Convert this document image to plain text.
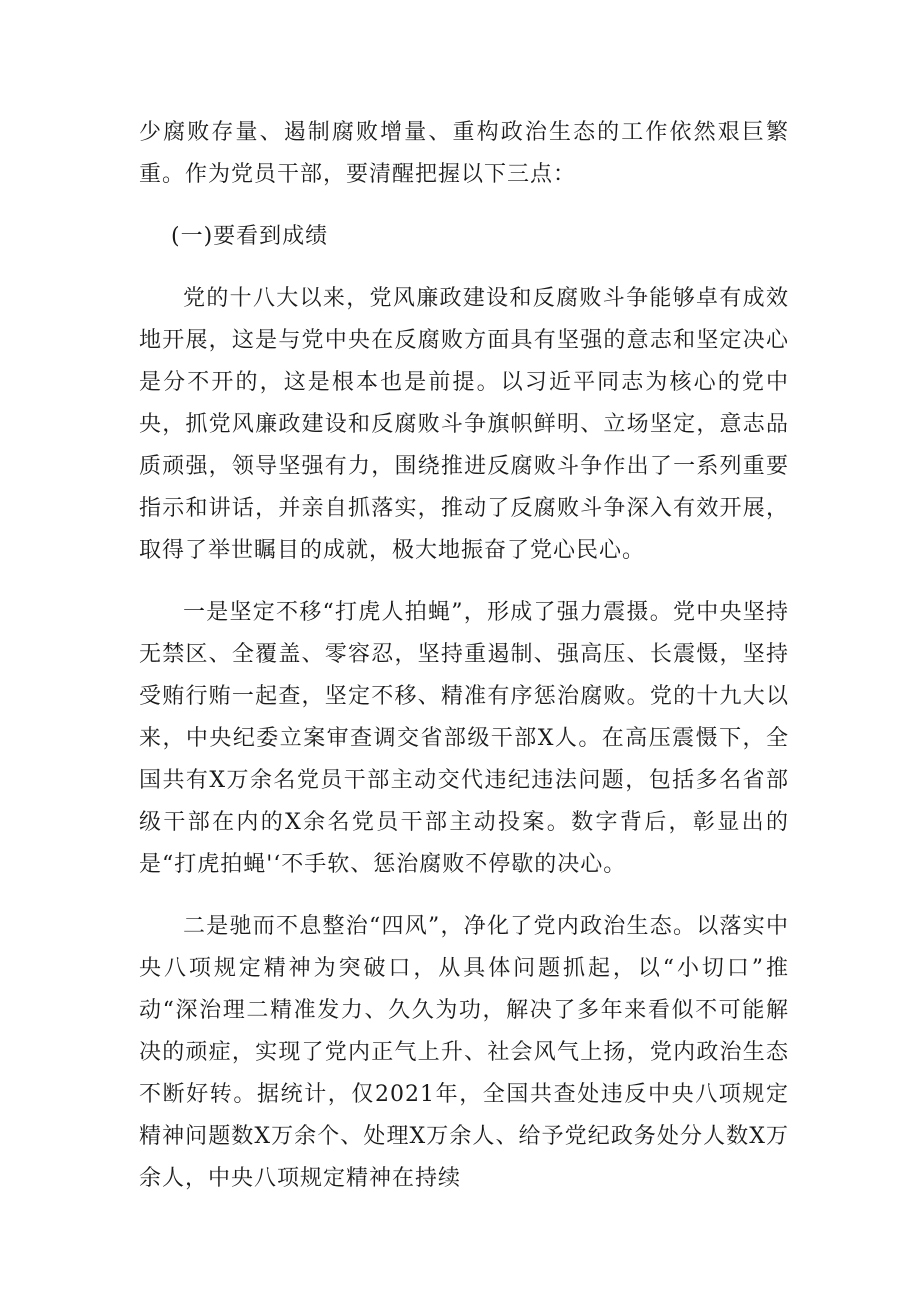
少腐败存量、遏制腐败增量、重构政治生态的工作依然艰巨繁重。作为党员干部，要清醒把握以下三点：

(一)要看到成绩

党的十八大以来，党风廉政建设和反腐败斗争能够卓有成效地开展，这是与党中央在反腐败方面具有坚强的意志和坚定决心是分不开的，这是根本也是前提。以习近平同志为核心的党中央，抓党风廉政建设和反腐败斗争旗帜鲜明、立场坚定，意志品质顽强，领导坚强有力，围绕推进反腐败斗争作出了一系列重要指示和讲话，并亲自抓落实，推动了反腐败斗争深入有效开展，取得了举世瞩目的成就，极大地振奋了党心民心。

一是坚定不移“打虎人拍蝇”，形成了强力震摄。党中央坚持无禁区、全覆盖、零容忍，坚持重遏制、强高压、长震慑，坚持受贿行贿一起查，坚定不移、精准有序惩治腐败。党的十九大以来，中央纪委立案审查调交省部级干部X人。在高压震慑下，全国共有X万余名党员干部主动交代违纪违法问题，包括多名省部级干部在内的X余名党员干部主动投案。数字背后，彰显出的是“打虎拍蝇'‘不手软、惩治腐败不停歇的决心。

二是驰而不息整治“四风”，净化了党内政治生态。以落实中央八项规定精神为突破口，从具体问题抓起，以“小切口”推动“深治理二精准发力、久久为功，解决了多年来看似不可能解决的顽症，实现了党内正气上升、社会风气上扬，党内政治生态不断好转。据统计，仅2021年，全国共查处违反中央八项规定精神问题数X万余个、处理X万余人、给予党纪政务处分人数X万余人，中央八项规定精神在持续
